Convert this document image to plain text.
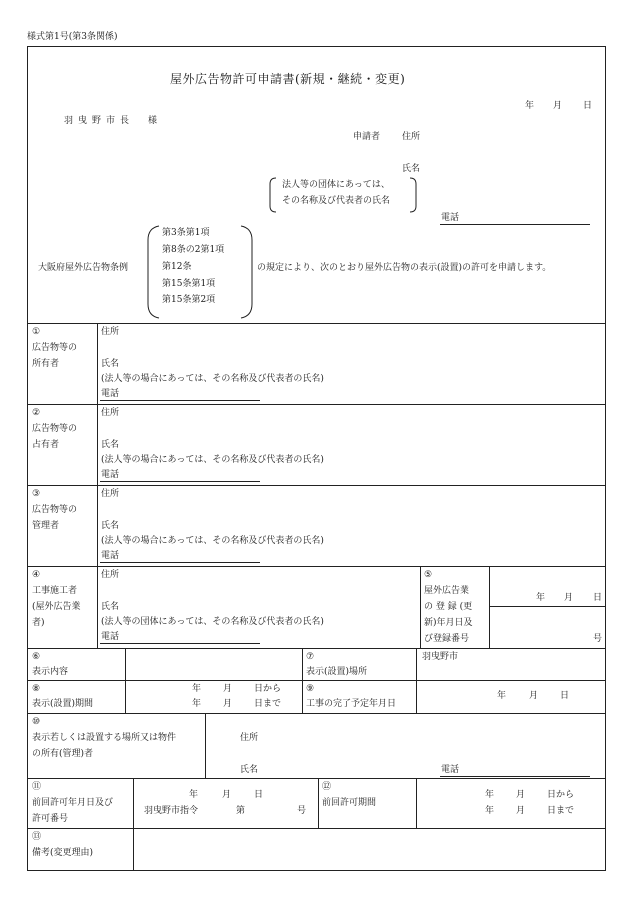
様式第1号(第3条関係)
屋外広告物許可申請書(新規・継続・変更)
年 月 日
羽曳野市長　様
申請者 住所
氏名
法人等の団体にあっては、
その名称及び代表者の氏名
電話
大阪府屋外広告物条例
第3条第1項
第8条の2第1項
第12条
第15条第1項
第15条第2項
の規定により、次のとおり屋外広告物の表示(設置)の許可を申請します。
①
広告物等の
所有者
住所
氏名
(法人等の場合にあっては、その名称及び代表者の氏名)
電話
②
広告物等の
占有者
住所
氏名
(法人等の場合にあっては、その名称及び代表者の氏名)
電話
③
広告物等の
管理者
住所
氏名
(法人等の場合にあっては、その名称及び代表者の氏名)
電話
④
工事施工者
(屋外広告業
者)
住所
氏名
(法人等の団体にあっては、その名称及び代表者の氏名)
電話
⑤
屋外広告業
の 登 録 (更
新)年月日及
び登録番号
年 月 日
号
⑥
表示内容
⑦
表示(設置)場所
羽曳野市
⑧
表示(設置)期間
年 月 日から
年 月 日まで
⑨
工事の完了予定年月日
年	月 日
⑩
表示若しくは設置する場所又は物件
の所有(管理)者
住所
氏名	電話
⑪
前回許可年月日及び
許可番号
年	月	日
羽曳野市指令	第	号
⑫
前回許可期間
年 月 日から
年 月 日まで
⑬
備考(変更理由)
